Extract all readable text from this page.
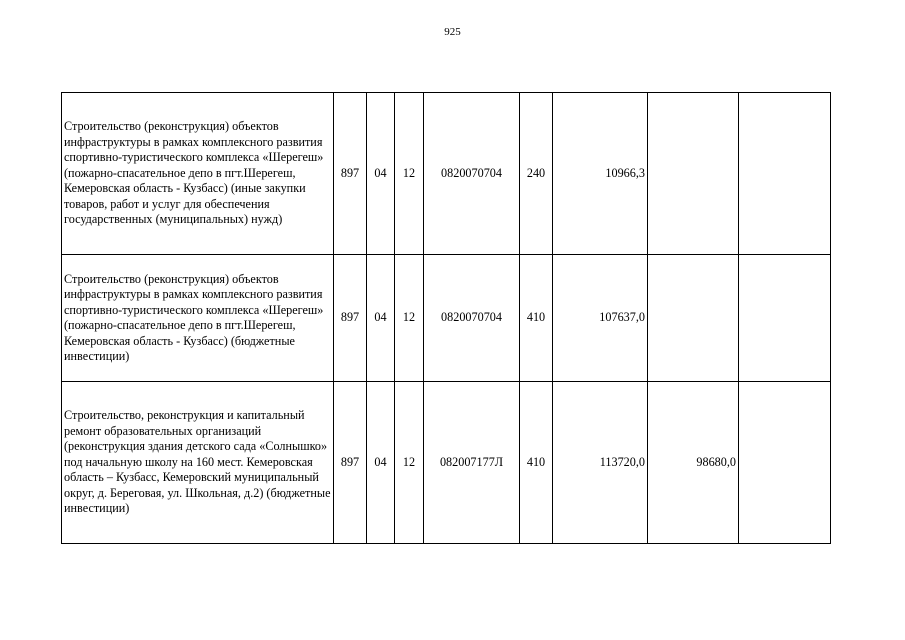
925
Строительство (реконструкция) объектов инфраструктуры в рамках комплексного развития спортивно-туристического комплекса «Шерегеш» (пожарно-спасательное депо в пгт.Шерегеш, Кемеровская область - Кузбасс) (иные закупки товаров, работ и услуг для обеспечения государственных (муниципальных) нужд)	897	04	12	0820070704	240	10966,3		
Строительство (реконструкция) объектов инфраструктуры в рамках комплексного развития спортивно-туристического комплекса «Шерегеш» (пожарно-спасательное депо в пгт.Шерегеш, Кемеровская область - Кузбасс) (бюджетные инвестиции)	897	04	12	0820070704	410	107637,0		
Строительство, реконструкция и капитальный ремонт образовательных организаций (реконструкция здания детского сада «Солнышко» под начальную школу на 160 мест. Кемеровская область – Кузбасс, Кемеровский муниципальный округ, д. Береговая, ул. Школьная, д.2) (бюджетные инвестиции)	897	04	12	082007177Л	410	113720,0	98680,0	
